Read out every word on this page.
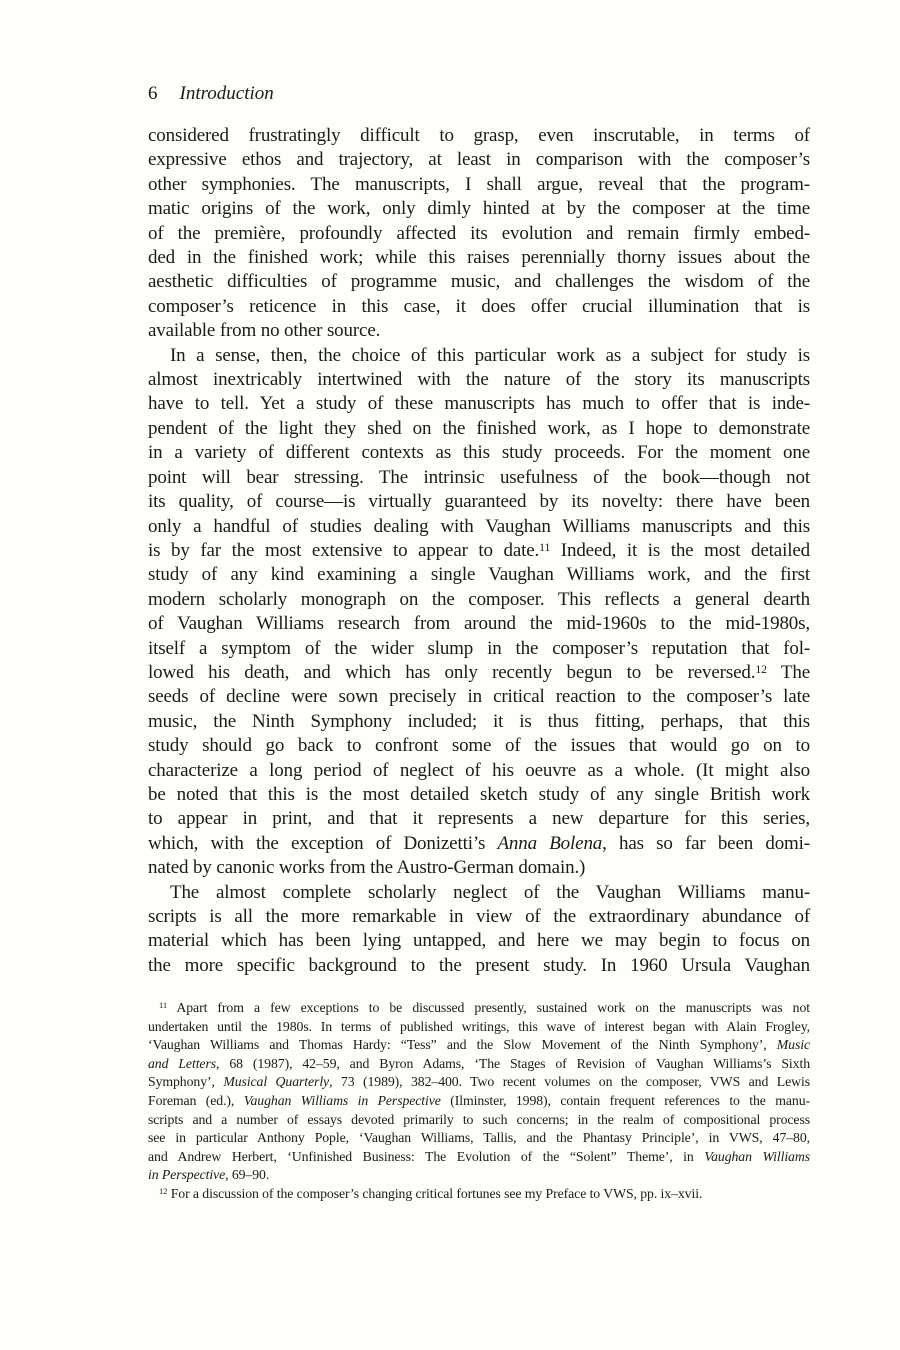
6 Introduction
considered frustratingly difficult to grasp, even inscrutable, in terms of
expressive ethos and trajectory, at least in comparison with the composer’s
other symphonies. The manuscripts, I shall argue, reveal that the program-
matic origins of the work, only dimly hinted at by the composer at the time
of the première, profoundly affected its evolution and remain firmly embed-
ded in the finished work; while this raises perennially thorny issues about the
aesthetic difficulties of programme music, and challenges the wisdom of the
composer’s reticence in this case, it does offer crucial illumination that is
available from no other source.
In a sense, then, the choice of this particular work as a subject for study is
almost inextricably intertwined with the nature of the story its manuscripts
have to tell. Yet a study of these manuscripts has much to offer that is inde-
pendent of the light they shed on the finished work, as I hope to demonstrate
in a variety of different contexts as this study proceeds. For the moment one
point will bear stressing. The intrinsic usefulness of the book—though not
its quality, of course—is virtually guaranteed by its novelty: there have been
only a handful of studies dealing with Vaughan Williams manuscripts and this
is by far the most extensive to appear to date.$^{11}$ Indeed, it is the most detailed
study of any kind examining a single Vaughan Williams work, and the first
modern scholarly monograph on the composer. This reflects a general dearth
of Vaughan Williams research from around the mid-1960s to the mid-1980s,
itself a symptom of the wider slump in the composer’s reputation that fol-
lowed his death, and which has only recently begun to be reversed.$^{12}$ The
seeds of decline were sown precisely in critical reaction to the composer’s late
music, the Ninth Symphony included; it is thus fitting, perhaps, that this
study should go back to confront some of the issues that would go on to
characterize a long period of neglect of his oeuvre as a whole. (It might also
be noted that this is the most detailed sketch study of any single British work
to appear in print, and that it represents a new departure for this series,
which, with the exception of Donizetti’s Anna Bolena, has so far been domi-
nated by canonic works from the Austro-German domain.)
The almost complete scholarly neglect of the Vaughan Williams manu-
scripts is all the more remarkable in view of the extraordinary abundance of
material which has been lying untapped, and here we may begin to focus on
the more specific background to the present study. In 1960 Ursula Vaughan
$^{11}$ Apart from a few exceptions to be discussed presently, sustained work on the manuscripts was not
undertaken until the 1980s. In terms of published writings, this wave of interest began with Alain Frogley,
‘Vaughan Williams and Thomas Hardy: “Tess” and the Slow Movement of the Ninth Symphony’, Music
and Letters, 68 (1987), 42–59, and Byron Adams, ‘The Stages of Revision of Vaughan Williams’s Sixth
Symphony’, Musical Quarterly, 73 (1989), 382–400. Two recent volumes on the composer, VWS and Lewis
Foreman (ed.), Vaughan Williams in Perspective (Ilminster, 1998), contain frequent references to the manu-
scripts and a number of essays devoted primarily to such concerns; in the realm of compositional process
see in particular Anthony Pople, ‘Vaughan Williams, Tallis, and the Phantasy Principle’, in VWS, 47–80,
and Andrew Herbert, ‘Unfinished Business: The Evolution of the “Solent” Theme’, in Vaughan Williams
in Perspective, 69–90.
$^{12}$ For a discussion of the composer’s changing critical fortunes see my Preface to VWS, pp. ix–xvii.
